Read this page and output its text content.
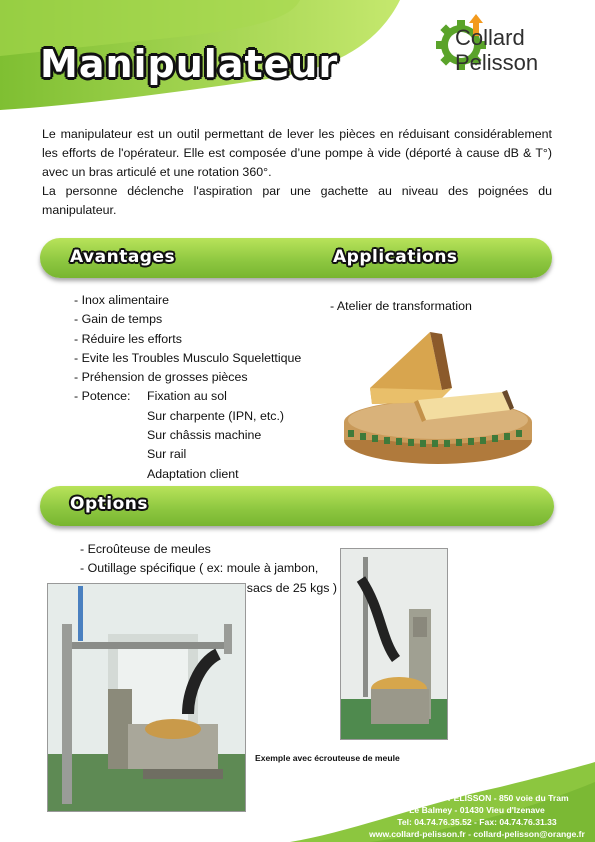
Manipulateur
Collard
Pelisson

Le manipulateur est un outil permettant de lever les pièces en réduisant considérablement les efforts de l'opérateur. Elle est composée d’une pompe à vide (déporté à cause dB & T°) avec un bras articulé et une rotation 360°.

La personne déclenche l'aspiration par une gachette au niveau des poignées du manipulateur.

Avantages	Applications
- Inox alimentaire
- Gain de temps
- Réduire les efforts
- Evite les Troubles Musculo Squelettique
- Préhension de grosses pièces
- Potence: Fixation au sol
Sur charpente (IPN, etc.)
Sur châssis machine
Sur rail
Adaptation client
- Atelier de transformation
Options
- Ecroûteuse de meules
- Outillage spécifique ( ex: moule à jambon,
sacs de 25 kgs )
Exemple avec écrouteuse de meule
Ets. COLLARD PELISSON - 850 voie du Tram
Le Balmey - 01430 Vieu d'Izenave
Tel: 04.74.76.35.52 - Fax: 04.74.76.31.33
www.collard-pelisson.fr - collard-pelisson@orange.fr
